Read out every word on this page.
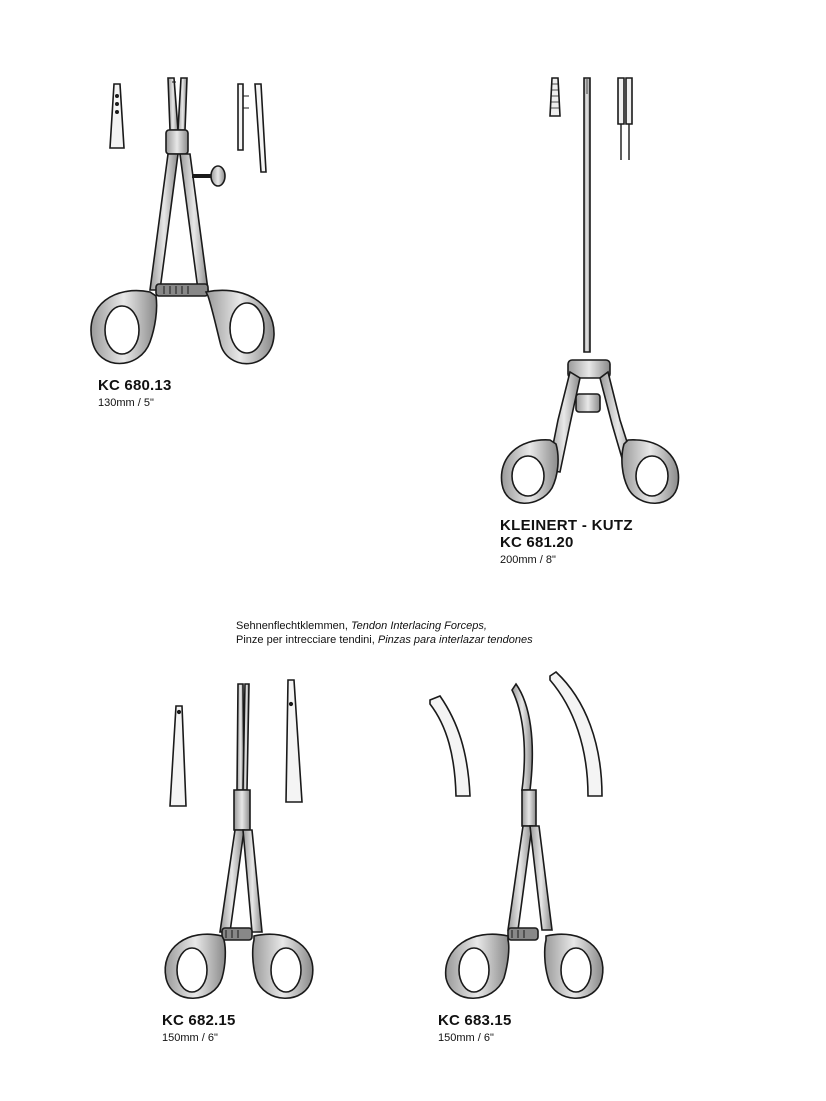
KC 680.13
130mm / 5"
KLEINERT - KUTZ
KC 681.20
200mm / 8"
Sehnenflechtklemmen, Tendon Interlacing Forceps,
Pinze per intrecciare tendini, Pinzas para interlazar tendones
KC 682.15
150mm / 6"
KC 683.15
150mm / 6"
